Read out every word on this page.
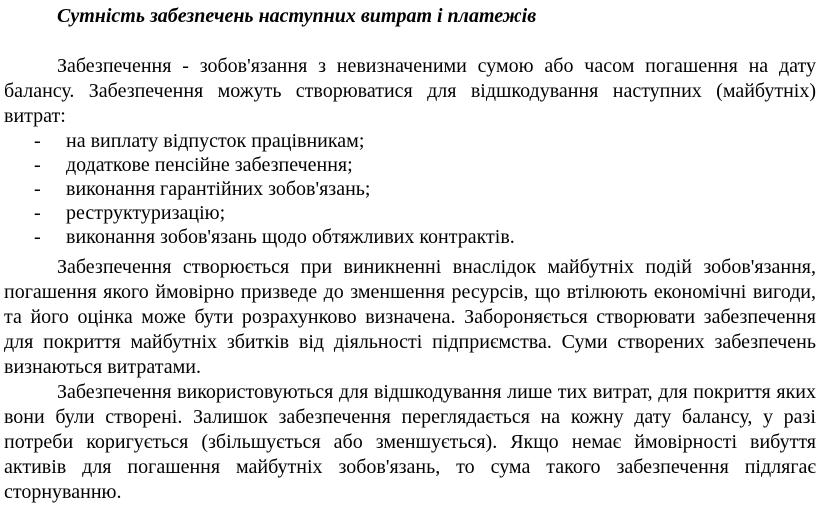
Сутність забезпечень наступних витрат і платежів

Забезпечення - зобов'язання з невизначеними сумою або часом погашення на дату балансу. Забезпечення можуть створюватися для відшкодування наступних (майбутніх) витрат:

- на виплату відпусток працівникам;
- додаткове пенсійне забезпечення;
- виконання гарантійних зобов'язань;
- реструктуризацію;
- виконання зобов'язань щодо обтяжливих контрактів.

Забезпечення створюється при виникненні внаслідок майбутніх подій зобов'язання, погашення якого ймовірно призведе до зменшення ресурсів, що втілюють економічні вигоди, та його оцінка може бути розрахунково визначена. Забороняється створювати забезпечення для покриття майбутніх збитків від діяльності підприємства. Суми створених забезпечень визнаються витратами.

Забезпечення використовуються для відшкодування лише тих витрат, для покриття яких вони були створені. Залишок забезпечення переглядається на кожну дату балансу, у разі потреби коригується (збільшується або зменшується). Якщо немає ймовірності вибуття активів для погашення майбутніх зобов'язань, то сума такого забезпечення підлягає сторнуванню.
